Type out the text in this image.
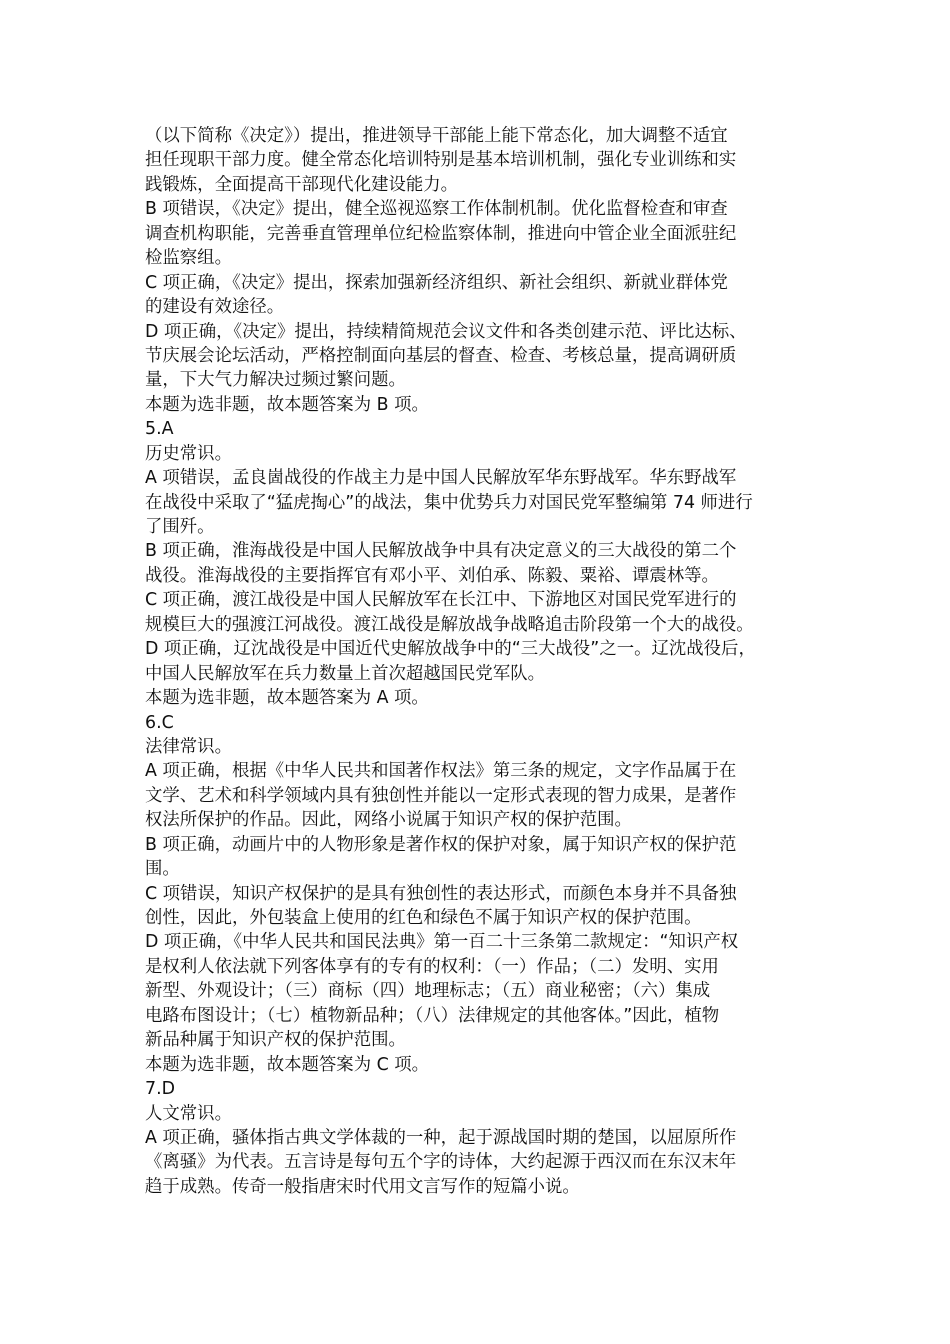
（以下简称《决定》）提出，推进领导干部能上能下常态化，加大调整不适宜
担任现职干部力度。健全常态化培训特别是基本培训机制，强化专业训练和实
践锻炼，全面提高干部现代化建设能力。
B 项错误，《决定》提出，健全巡视巡察工作体制机制。优化监督检查和审查
调查机构职能，完善垂直管理单位纪检监察体制，推进向中管企业全面派驻纪
检监察组。
C 项正确，《决定》提出，探索加强新经济组织、新社会组织、新就业群体党
的建设有效途径。
D 项正确，《决定》提出，持续精简规范会议文件和各类创建示范、评比达标、
节庆展会论坛活动，严格控制面向基层的督查、检查、考核总量，提高调研质
量，下大气力解决过频过繁问题。
本题为选非题，故本题答案为 B 项。
5.A
历史常识。
A 项错误，孟良崮战役的作战主力是中国人民解放军华东野战军。华东野战军
在战役中采取了“猛虎掏心”的战法，集中优势兵力对国民党军整编第 74 师进行
了围歼。
B 项正确，淮海战役是中国人民解放战争中具有决定意义的三大战役的第二个
战役。淮海战役的主要指挥官有邓小平、刘伯承、陈毅、粟裕、谭震林等。
C 项正确，渡江战役是中国人民解放军在长江中、下游地区对国民党军进行的
规模巨大的强渡江河战役。渡江战役是解放战争战略追击阶段第一个大的战役。
D 项正确，辽沈战役是中国近代史解放战争中的“三大战役”之一。辽沈战役后，
中国人民解放军在兵力数量上首次超越国民党军队。
本题为选非题，故本题答案为 A 项。
6.C
法律常识。
A 项正确，根据《中华人民共和国著作权法》第三条的规定，文字作品属于在
文学、艺术和科学领域内具有独创性并能以一定形式表现的智力成果，是著作
权法所保护的作品。因此，网络小说属于知识产权的保护范围。
B 项正确，动画片中的人物形象是著作权的保护对象，属于知识产权的保护范
围。
C 项错误，知识产权保护的是具有独创性的表达形式，而颜色本身并不具备独
创性，因此，外包装盒上使用的红色和绿色不属于知识产权的保护范围。
D 项正确，《中华人民共和国民法典》第一百二十三条第二款规定：“知识产权
是权利人依法就下列客体享有的专有的权利：（一）作品；（二）发明、实用
新型、外观设计；（三）商标（四）地理标志；（五）商业秘密；（六）集成
电路布图设计；（七）植物新品种；（八）法律规定的其他客体。”因此，植物
新品种属于知识产权的保护范围。
本题为选非题，故本题答案为 C 项。
7.D
人文常识。
A 项正确，骚体指古典文学体裁的一种，起于源战国时期的楚国，以屈原所作
《离骚》为代表。五言诗是每句五个字的诗体，大约起源于西汉而在东汉末年
趋于成熟。传奇一般指唐宋时代用文言写作的短篇小说。
